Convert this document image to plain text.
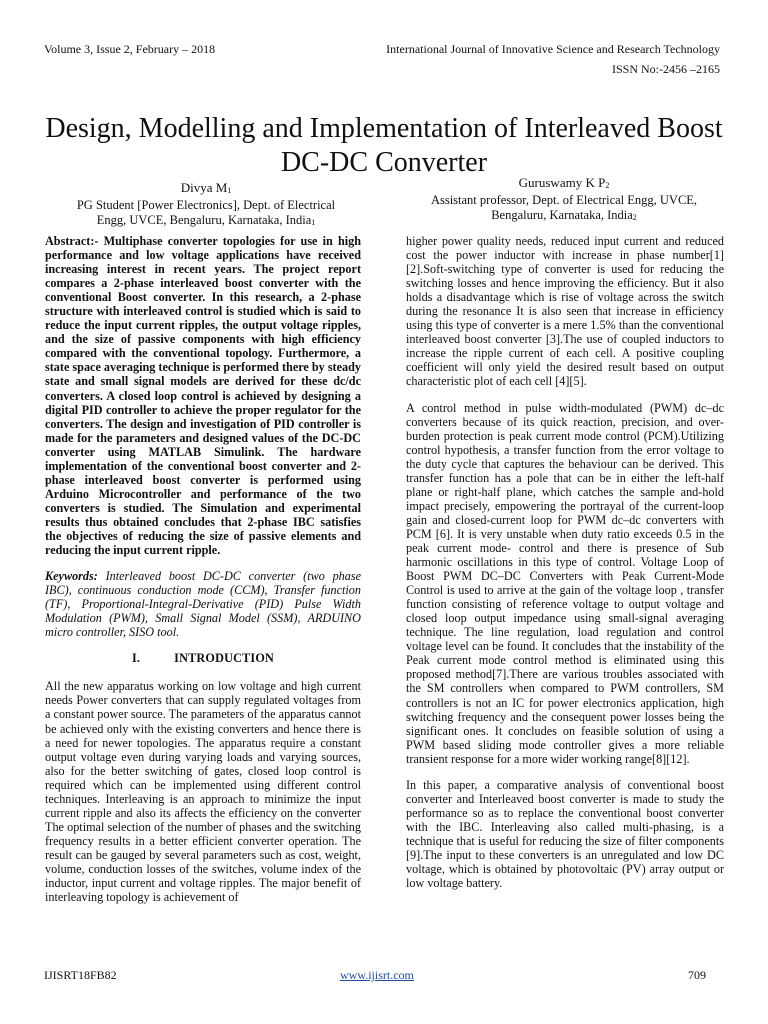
Volume 3, Issue 2, February – 2018	International Journal of Innovative Science and Research Technology
ISSN No:-2456 –2165
Design, Modelling and Implementation of Interleaved Boost DC-DC Converter
Divya $M_1$
PG Student [Power Electronics], Dept. of Electrical
Engg, UVCE, Bengaluru, Karnataka, India$_1$
Guruswamy K $P_2$
Assistant professor, Dept. of Electrical Engg, UVCE,
Bengaluru, Karnataka, India$_2$

Abstract:- Multiphase converter topologies for use in high performance and low voltage applications have received increasing interest in recent years. The project report compares a 2-phase interleaved boost converter with the conventional Boost converter. In this research, a 2-phase structure with interleaved control is studied which is said to reduce the input current ripples, the output voltage ripples, and the size of passive components with high efficiency compared with the conventional topology. Furthermore, a state space averaging technique is performed there by steady state and small signal models are derived for these dc/dc converters. A closed loop control is achieved by designing a digital PID controller to achieve the proper regulator for the converters. The design and investigation of PID controller is made for the parameters and designed values of the DC-DC converter using MATLAB Simulink. The hardware implementation of the conventional boost converter and 2-phase interleaved boost converter is performed using Arduino Microcontroller and performance of the two converters is studied. The Simulation and experimental results thus obtained concludes that 2-phase IBC satisfies the objectives of reducing the size of passive elements and reducing the input current ripple.

Keywords: Interleaved boost DC-DC converter (two phase IBC), continuous conduction mode (CCM), Transfer function (TF), Proportional-Integral-Derivative (PID) Pulse Width Modulation (PWM), Small Signal Model (SSM), ARDUINO micro controller, SISO tool.

I.	INTRODUCTION

All the new apparatus working on low voltage and high current needs Power converters that can supply regulated voltages from a constant power source. The parameters of the apparatus cannot be achieved only with the existing converters and hence there is a need for newer topologies. The apparatus require a constant output voltage even during varying loads and varying sources, also for the better switching of gates, closed loop control is required which can be implemented using different control techniques. Interleaving is an approach to minimize the input current ripple and also its affects the efficiency on the converter The optimal selection of the number of phases and the switching frequency results in a better efficient converter operation. The result can be gauged by several parameters such as cost, weight, volume, conduction losses of the switches, volume index of the inductor, input current and voltage ripples. The major benefit of interleaving topology is achievement of

higher power quality needs, reduced input current and reduced cost the power inductor with increase in phase number[1][2].Soft-switching type of converter is used for reducing the switching losses and hence improving the efficiency. But it also holds a disadvantage which is rise of voltage across the switch during the resonance It is also seen that increase in efficiency using this type of converter is a mere 1.5% than the conventional interleaved boost converter [3].The use of coupled inductors to increase the ripple current of each cell. A positive coupling coefficient will only yield the desired result based on output characteristic plot of each cell [4][5].

A control method in pulse width-modulated (PWM) dc–dc converters because of its quick reaction, precision, and over-burden protection is peak current mode control (PCM).Utilizing control hypothesis, a transfer function from the error voltage to the duty cycle that captures the behaviour can be derived. This transfer function has a pole that can be in either the left-half plane or right-half plane, which catches the sample and-hold impact precisely, empowering the portrayal of the current-loop gain and closed-current loop for PWM dc–dc converters with PCM [6]. It is very unstable when duty ratio exceeds 0.5 in the peak current mode- control and there is presence of Sub harmonic oscillations in this type of control. Voltage Loop of Boost PWM DC–DC Converters with Peak Current-Mode Control is used to arrive at the gain of the voltage loop , transfer function consisting of reference voltage to output voltage and closed loop output impedance using small-signal averaging technique. The line regulation, load regulation and control voltage level can be found. It concludes that the instability of the Peak current mode control method is eliminated using this proposed method[7].There are various troubles associated with the SM controllers when compared to PWM controllers, SM controllers is not an IC for power electronics application, high switching frequency and the consequent power losses being the significant ones. It concludes on feasible solution of using a PWM based sliding mode controller gives a more reliable transient response for a more wider working range[8][12].

In this paper, a comparative analysis of conventional boost converter and Interleaved boost converter is made to study the performance so as to replace the conventional boost converter with the IBC. Interleaving also called multi-phasing, is a technique that is useful for reducing the size of filter components [9].The input to these converters is an unregulated and low DC voltage, which is obtained by photovoltaic (PV) array output or low voltage battery.

IJISRT18FB82	www.ijisrt.com	709
